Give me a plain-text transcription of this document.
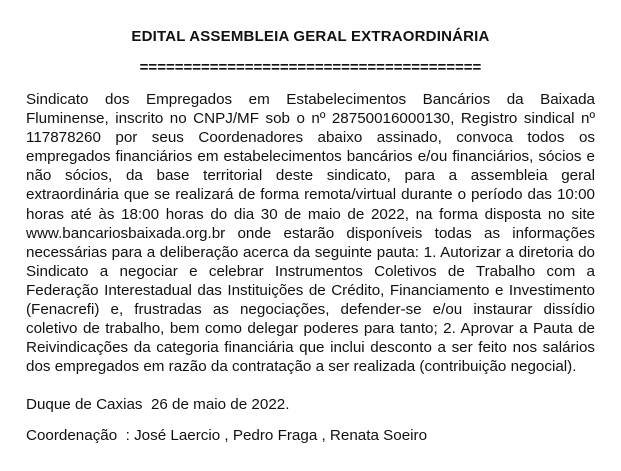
EDITAL ASSEMBLEIA GERAL EXTRAORDINÁRIA

=======================================

Sindicato dos Empregados em Estabelecimentos Bancários da Baixada Fluminense, inscrito no CNPJ/MF sob o nº 28750016000130, Registro sindical nº 117878260 por seus Coordenadores abaixo assinado, convoca todos os empregados financiários em estabelecimentos bancários e/ou financiários, sócios e não sócios, da base territorial deste sindicato, para a assembleia geral extraordinária que se realizará de forma remota/virtual durante o período das 10:00 horas até às 18:00 horas do dia 30 de maio de 2022, na forma disposta no site www.bancariosbaixada.org.br onde estarão disponíveis todas as informações necessárias para a deliberação acerca da seguinte pauta: 1. Autorizar a diretoria do Sindicato a negociar e celebrar Instrumentos Coletivos de Trabalho com a Federação Interestadual das Instituições de Crédito, Financiamento e Investimento (Fenacrefi) e, frustradas as negociações, defender-se e/ou instaurar dissídio coletivo de trabalho, bem como delegar poderes para tanto; 2. Aprovar a Pauta de Reivindicações da categoria financiária que inclui desconto a ser feito nos salários dos empregados em razão da contratação a ser realizada (contribuição negocial).

Duque de Caxias  26 de maio de 2022.

Coordenação  : José Laercio , Pedro Fraga , Renata Soeiro
